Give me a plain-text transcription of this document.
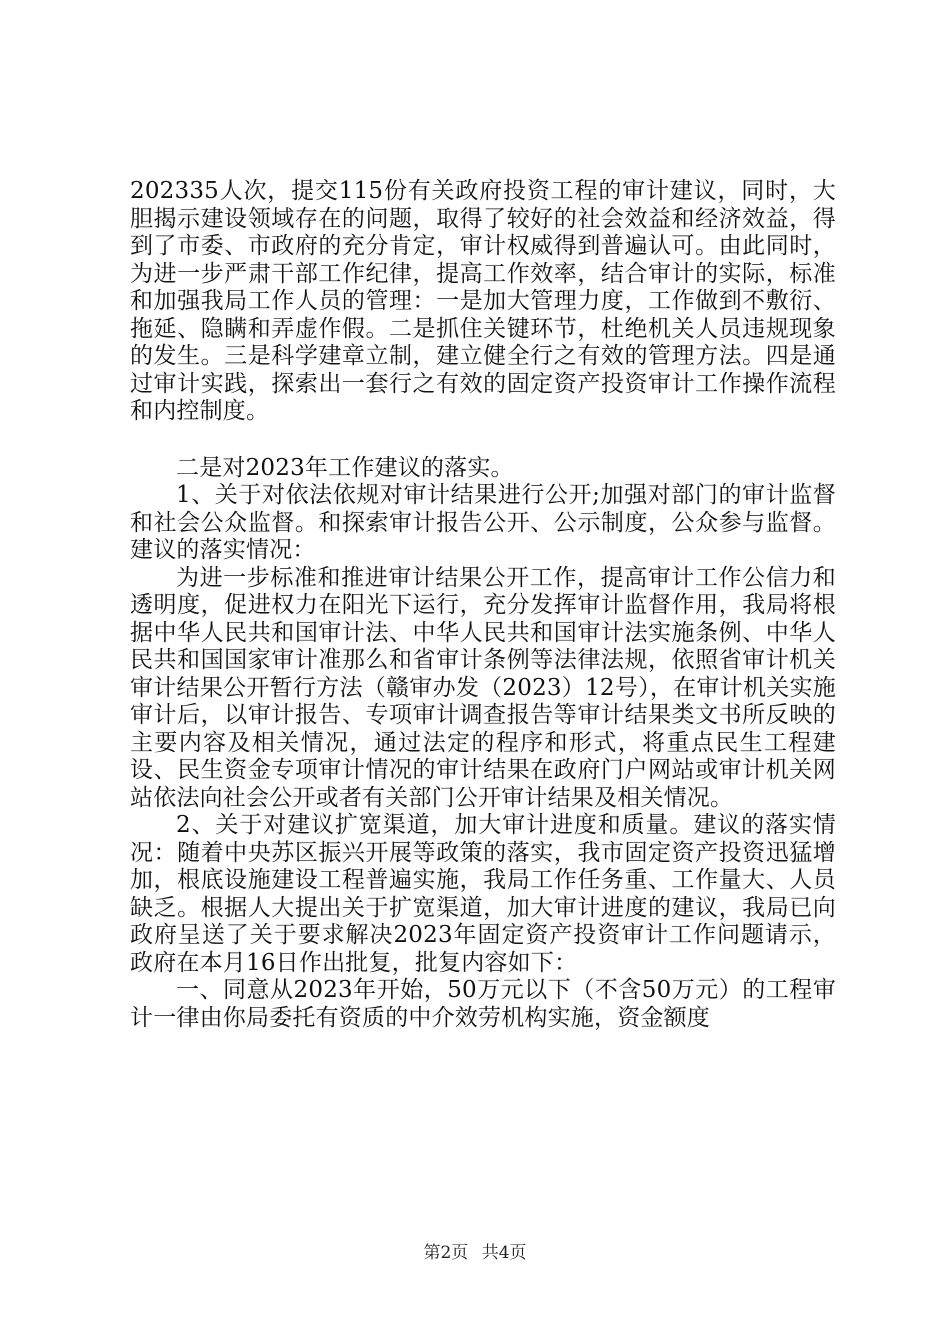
202335人次，提交115份有关政府投资工程的审计建议，同时，大胆揭示建设领域存在的问题，取得了较好的社会效益和经济效益，得到了市委、市政府的充分肯定，审计权威得到普遍认可。由此同时，为进一步严肃干部工作纪律，提高工作效率，结合审计的实际，标准和加强我局工作人员的管理：一是加大管理力度，工作做到不敷衍、拖延、隐瞒和弄虚作假。二是抓住关键环节，杜绝机关人员违规现象的发生。三是科学建章立制，建立健全行之有效的管理方法。四是通过审计实践，探索出一套行之有效的固定资产投资审计工作操作流程和内控制度。

二是对2023年工作建议的落实。

1、关于对依法依规对审计结果进行公开;加强对部门的审计监督和社会公众监督。和探索审计报告公开、公示制度，公众参与监督。建议的落实情况：

为进一步标准和推进审计结果公开工作，提高审计工作公信力和透明度，促进权力在阳光下运行，充分发挥审计监督作用，我局将根据中华人民共和国审计法、中华人民共和国审计法实施条例、中华人民共和国国家审计准那么和省审计条例等法律法规，依照省审计机关审计结果公开暂行方法（赣审办发（2023）12号），在审计机关实施审计后，以审计报告、专项审计调查报告等审计结果类文书所反映的主要内容及相关情况，通过法定的程序和形式，将重点民生工程建设、民生资金专项审计情况的审计结果在政府门户网站或审计机关网站依法向社会公开或者有关部门公开审计结果及相关情况。

2、关于对建议扩宽渠道，加大审计进度和质量。建议的落实情况：随着中央苏区振兴开展等政策的落实，我市固定资产投资迅猛增加，根底设施建设工程普遍实施，我局工作任务重、工作量大、人员缺乏。根据人大提出关于扩宽渠道，加大审计进度的建议，我局已向政府呈送了关于要求解决2023年固定资产投资审计工作问题请示，政府在本月16日作出批复，批复内容如下：

一、同意从2023年开始，50万元以下（不含50万元）的工程审计一律由你局委托有资质的中介效劳机构实施，资金额度

第2页 共4页
